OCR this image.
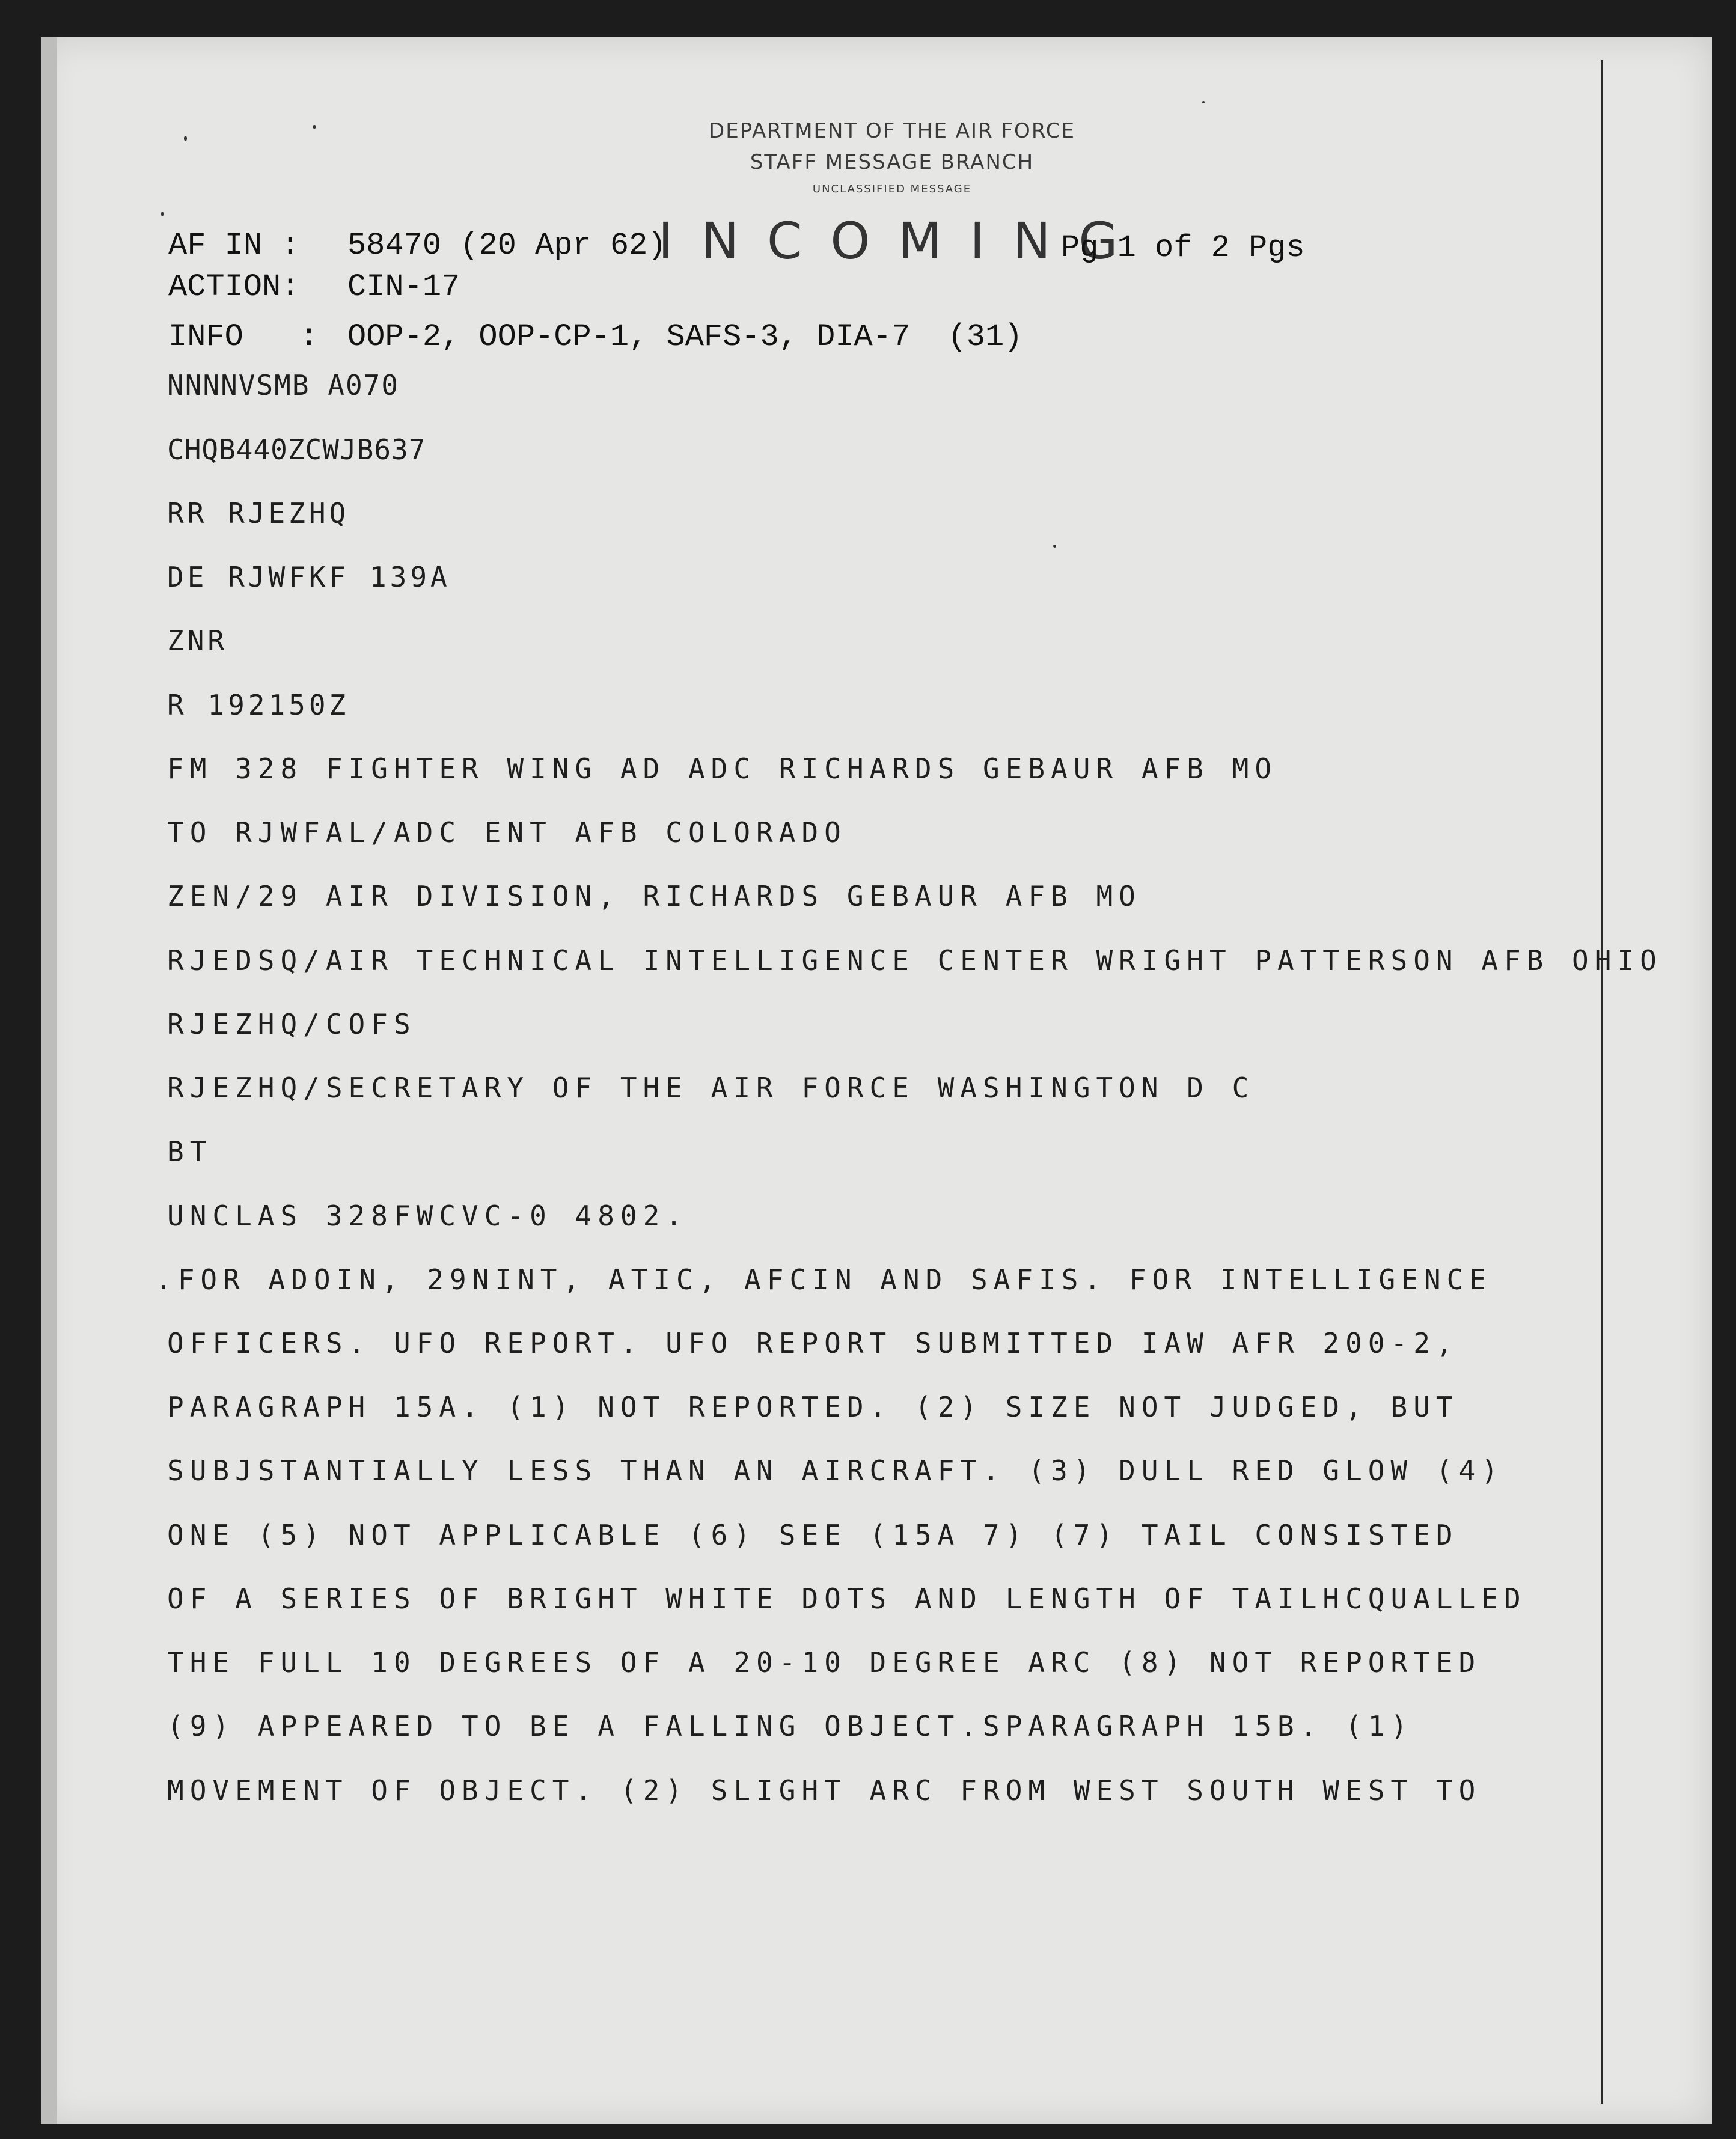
DEPARTMENT OF THE AIR FORCE
STAFF MESSAGE BRANCH
UNCLASSIFIED MESSAGE
AF IN : 58470 (20 Apr 62)
I N C O M I N G
Pg 1 of 2 Pgs
ACTION: CIN-17
INFO   : OOP-2, OOP-CP-1, SAFS-3, DIA-7  (31)
NNNNVSMB A070
CHQB440ZCWJB637
RR RJEZHQ
DE RJWFKF 139A
ZNR
R 192150Z
FM 328 FIGHTER WING AD ADC RICHARDS GEBAUR AFB MO
TO RJWFAL/ADC ENT AFB COLORADO
ZEN/29 AIR DIVISION, RICHARDS GEBAUR AFB MO
RJEDSQ/AIR TECHNICAL INTELLIGENCE CENTER WRIGHT PATTERSON AFB OHIO
RJEZHQ/COFS
RJEZHQ/SECRETARY OF THE AIR FORCE WASHINGTON D C
BT
UNCLAS 328FWCVC-0 4802.
.FOR ADOIN, 29NINT, ATIC, AFCIN AND SAFIS. FOR INTELLIGENCE
OFFICERS. UFO REPORT. UFO REPORT SUBMITTED IAW AFR 200-2,
PARAGRAPH 15A. (1) NOT REPORTED. (2) SIZE NOT JUDGED, BUT
SUBJSTANTIALLY LESS THAN AN AIRCRAFT. (3) DULL RED GLOW (4)
ONE (5) NOT APPLICABLE (6) SEE (15A 7) (7) TAIL CONSISTED
OF A SERIES OF BRIGHT WHITE DOTS AND LENGTH OF TAILHCQUALLED
THE FULL 10 DEGREES OF A 20-10 DEGREE ARC (8) NOT REPORTED
(9) APPEARED TO BE A FALLING OBJECT.SPARAGRAPH 15B. (1)
MOVEMENT OF OBJECT. (2) SLIGHT ARC FROM WEST SOUTH WEST TO
